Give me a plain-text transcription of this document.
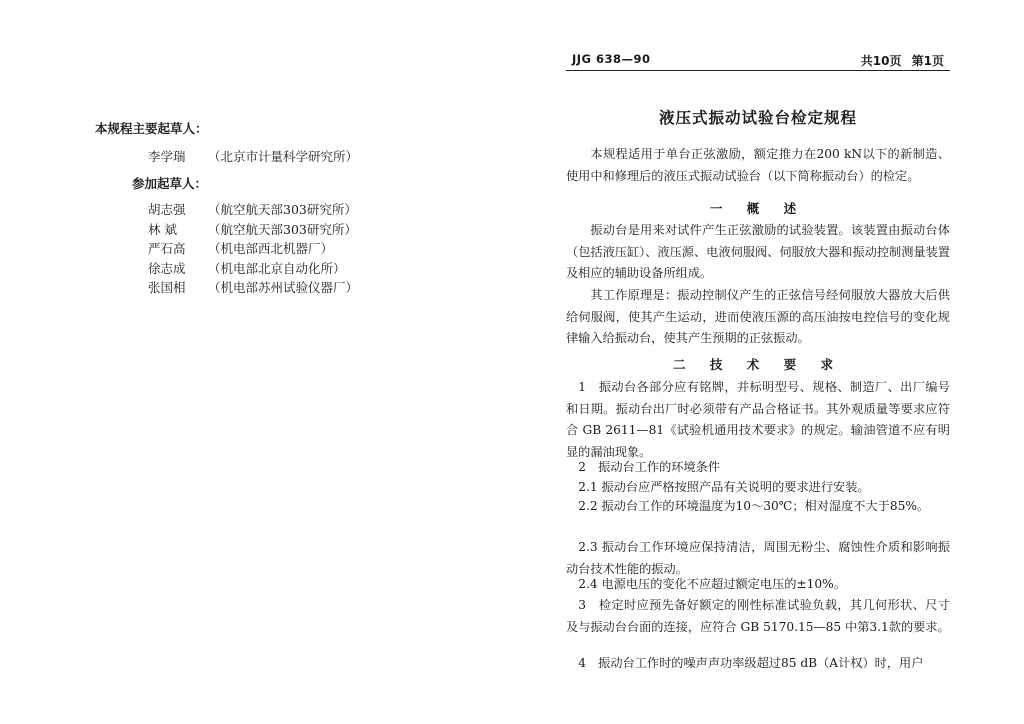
本规程主要起草人：
李学瑞 （北京市计量科学研究所）
参加起草人：
胡志强 （航空航天部303研究所）
林 斌 （航空航天部303研究所）
严石高 （机电部西北机器厂）
徐志成 （机电部北京自动化所）
张国相 （机电部苏州试验仪器厂）
JJG 638—90	共10页 第1页
液压式振动试验台检定规程
本规程适用于单台正弦激励，额定推力在200 kN以下的新制造、使用中和修理后的液压式振动试验台（以下简称振动台）的检定。
一 概 述
振动台是用来对试件产生正弦激励的试验装置。该装置由振动台体（包括液压缸）、液压源、电液伺服阀、伺服放大器和振动控制测量装置及相应的辅助设备所组成。
其工作原理是：振动控制仪产生的正弦信号经伺服放大器放大后供给伺服阀，使其产生运动，进而使液压源的高压油按电控信号的变化规律输入给振动台，使其产生预期的正弦振动。
二 技 术 要 求
1　振动台各部分应有铭牌，并标明型号、规格、制造厂、出厂编号和日期。振动台出厂时必须带有产品合格证书。其外观质量等要求应符合 GB 2611—81《试验机通用技术要求》的规定。输油管道不应有明显的漏油现象。
2　振动台工作的环境条件
2.1 振动台应严格按照产品有关说明的要求进行安装。
2.2 振动台工作的环境温度为10～30℃；相对湿度不大于85%。
2.3 振动台工作环境应保持清洁，周围无粉尘、腐蚀性介质和影响振动台技术性能的振动。
2.4 电源电压的变化不应超过额定电压的±10%。
3　检定时应预先备好额定的刚性标准试验负载，其几何形状、尺寸及与振动台台面的连接，应符合 GB 5170.15—85 中第3.1款的要求。
4　振动台工作时的噪声声功率级超过85 dB（A计权）时，用户
